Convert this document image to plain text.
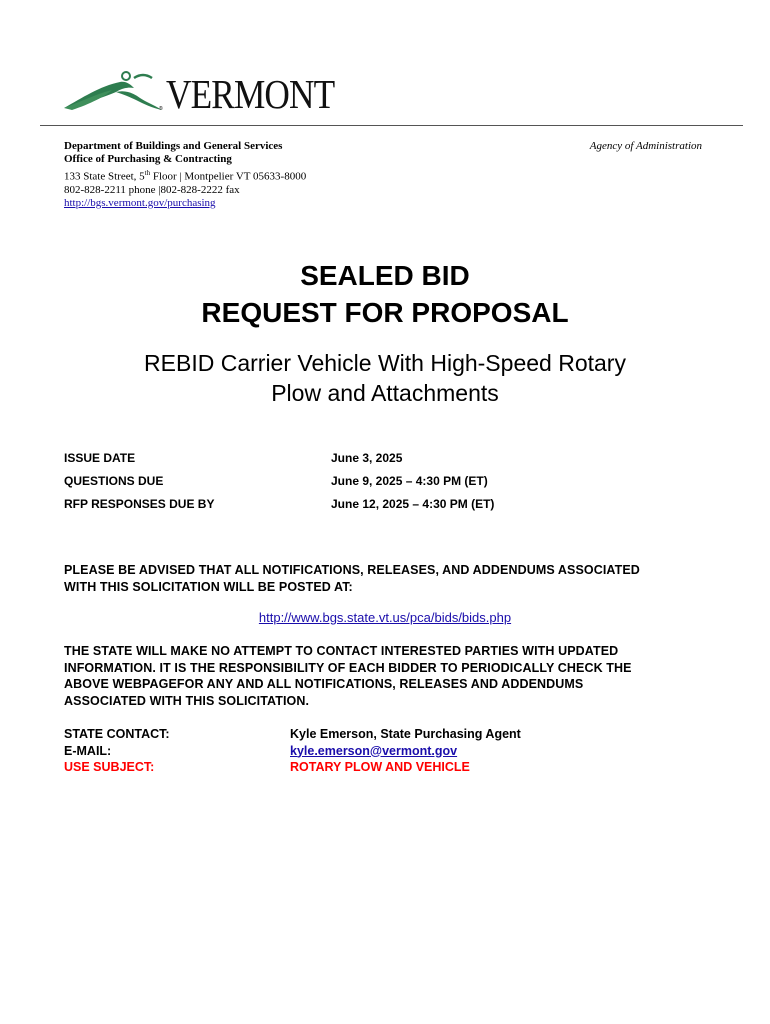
® VERMONT
Department of Buildings and General Services
Office of Purchasing & Contracting
133 State Street, 5th Floor | Montpelier VT 05633-8000
802-828-2211 phone |802-828-2222 fax
http://bgs.vermont.gov/purchasing
Agency of Administration
SEALED BID
REQUEST FOR PROPOSAL
REBID Carrier Vehicle With High-Speed Rotary
Plow and Attachments
ISSUE DATE	June 3, 2025
QUESTIONS DUE	June 9, 2025 – 4:30 PM (ET)
RFP RESPONSES DUE BY	June 12, 2025 – 4:30 PM (ET)
PLEASE BE ADVISED THAT ALL NOTIFICATIONS, RELEASES, AND ADDENDUMS ASSOCIATED
WITH THIS SOLICITATION WILL BE POSTED AT:
http://www.bgs.state.vt.us/pca/bids/bids.php
THE STATE WILL MAKE NO ATTEMPT TO CONTACT INTERESTED PARTIES WITH UPDATED
INFORMATION. IT IS THE RESPONSIBILITY OF EACH BIDDER TO PERIODICALLY CHECK THE
ABOVE WEBPAGEFOR ANY AND ALL NOTIFICATIONS, RELEASES AND ADDENDUMS
ASSOCIATED WITH THIS SOLICITATION.
STATE CONTACT:	Kyle Emerson, State Purchasing Agent
E-MAIL:	kyle.emerson@vermont.gov
USE SUBJECT:	ROTARY PLOW AND VEHICLE
